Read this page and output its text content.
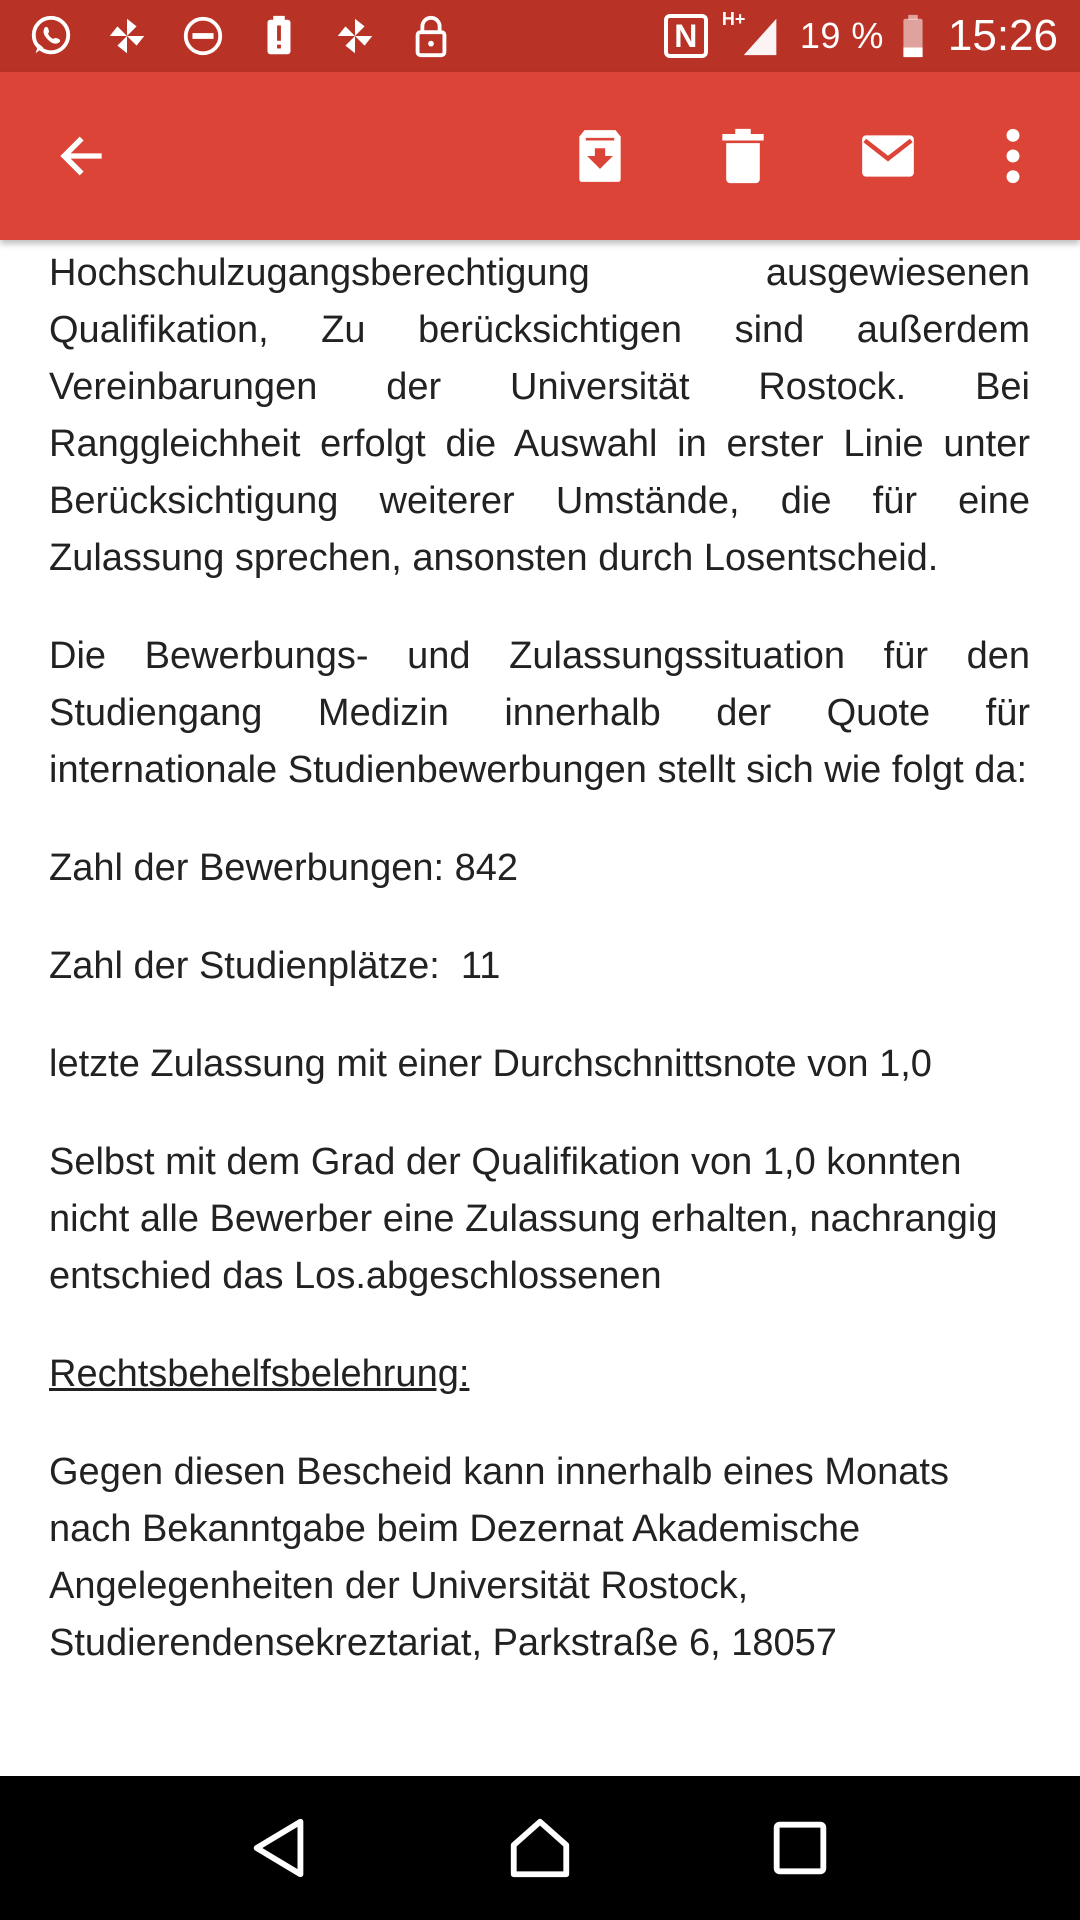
N H+ 19 % 15:26

Hochschulzugangsberechtigung ausgewiesenen Qualifikation, Zu berücksichtigen sind außerdem Vereinbarungen der Universität Rostock. Bei Ranggleichheit erfolgt die Auswahl in erster Linie unter Berücksichtigung weiterer Umstände, die für eine Zulassung sprechen, ansonsten durch Losentscheid.

Die Bewerbungs- und Zulassungssituation für den Studiengang Medizin innerhalb der Quote für internationale Studienbewerbungen stellt sich wie folgt da:

Zahl der Bewerbungen: 842

Zahl der Studienplätze:  11

letzte Zulassung mit einer Durchschnittsnote von 1,0

Selbst mit dem Grad der Qualifikation von 1,0 konnten nicht alle Bewerber eine Zulassung erhalten, nachrangig entschied das Los.abgeschlossenen

Rechtsbehelfsbelehrung:

Gegen diesen Bescheid kann innerhalb eines Monats nach Bekanntgabe beim Dezernat Akademische Angelegenheiten der Universität Rostock, Studierendensekreztariat, Parkstraße 6, 18057
